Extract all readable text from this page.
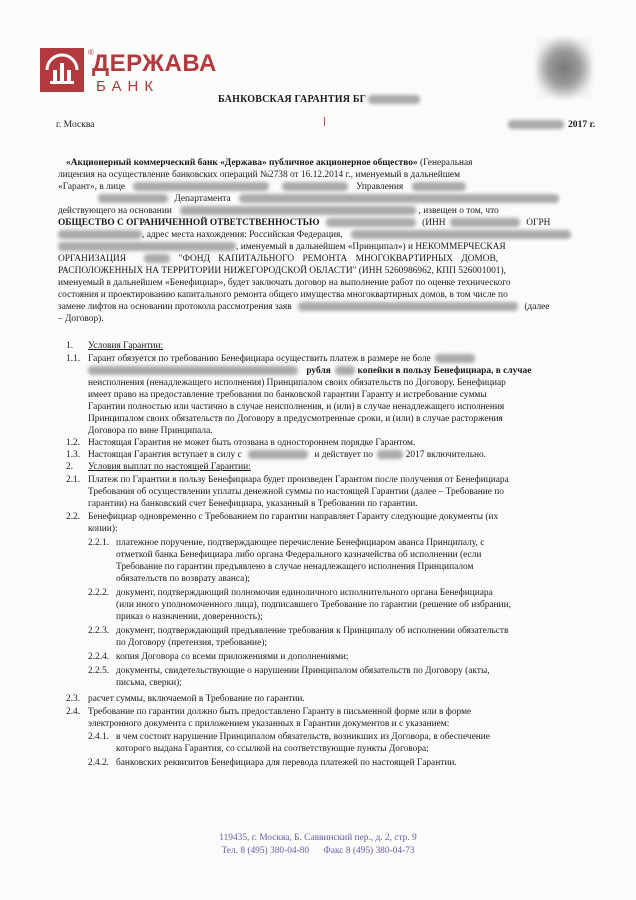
®
ДЕРЖАВА
БАНК
БАНКОВСКАЯ ГАРАНТИЯ БГ
г. Москва	2017 г.
«Акционерный коммерческий банк «Держава» публичное акционерное общество» (Генеральная
лицензия на осуществление банковских операций №2738 от 16.12.2014 г., именуемый в дальнейшем
«Гарант», в лице	Управления
Департамента
действующего на основании	, извещен о том, что
ОБЩЕСТВО С ОГРАНИЧЕННОЙ ОТВЕТСТВЕННОСТЬЮ	(ИНН	ОГРН
, адрес места нахождения: Российская Федерация,
, именуемый в дальнейшем «Принципал») и НЕКОММЕРЧЕСКАЯ
ОРГАНИЗАЦИЯ	"ФОНД КАПИТАЛЬНОГО РЕМОНТА МНОГОКВАРТИРНЫХ ДОМОВ,
РАСПОЛОЖЕННЫХ НА ТЕРРИТОРИИ НИЖЕГОРОДСКОЙ ОБЛАСТИ" (ИНН 5260986962, КПП 526001001),
именуемый в дальнейшем «Бенефициар», будет заключать договор на выполнение работ по оценке технического
состояния и проектированию капитального ремонта общего имущества многоквартирных домов, в том числе по
замене лифтов на основании протокола рассмотрения заяв	(далее
– Договор).
1. Условия Гарантии:
1.1. Гарант обязуется по требованию Бенефициара осуществить платеж в размере не боле
рубля	копейки в пользу Бенефициара, в случае
неисполнения (ненадлежащего исполнения) Принципалом своих обязательств по Договору. Бенефициар
имеет право на предоставление требования по банковской гарантии Гаранту и истребование суммы
Гарантии полностью или частично в случае неисполнения, и (или) в случае ненадлежащего исполнения
Принципалом своих обязательств по Договору в предусмотренные сроки, и (или) в случае расторжения
Договора по вине Принципала.
1.2. Настоящая Гарантия не может быть отозвана в одностороннем порядке Гарантом.
1.3. Настоящая Гарантия вступает в силу с	и действует по	2017 включительно.
2. Условия выплат по настоящей Гарантии:
2.1. Платеж по Гарантии в пользу Бенефициара будет произведен Гарантом после получения от Бенефициара
Требования об осуществлении уплаты денежной суммы по настоящей Гарантии (далее – Требование по
гарантии) на банковский счет Бенефициара, указанный в Требовании по гарантии.
2.2. Бенефициар одновременно с Требованием по гарантии направляет Гаранту следующие документы (их
копии):
2.2.1. платежное поручение, подтверждающее перечисление Бенефициаром аванса Принципалу, с
отметкой банка Бенефициара либо органа Федерального казначейства об исполнении (если
Требование по гарантии предъявлено в случае ненадлежащего исполнения Принципалом
обязательств по возврату аванса);
2.2.2. документ, подтверждающий полномочия единоличного исполнительного органа Бенефициара
(или иного уполномоченного лица), подписавшего Требование по гарантии (решение об избрании,
приказ о назначении, доверенность);
2.2.3. документ, подтверждающий предъявление требования к Принципалу об исполнении обязательств
по Договору (претензия, требование);
2.2.4. копия Договора со всеми приложениями и дополнениями;
2.2.5. документы, свидетельствующие о нарушении Принципалом обязательств по Договору (акты,
письма, сверки);
2.3. расчет суммы, включаемой в Требование по гарантии.
2.4. Требование по гарантии должно быть предоставлено Гаранту в письменной форме или в форме
электронного документа с приложением указанных в Гарантии документов и с указанием:
2.4.1. в чем состоит нарушение Принципалом обязательств, возникших из Договора, в обеспечение
которого выдана Гарантия, со ссылкой на соответствующие пункты Договора;
2.4.2. банковских реквизитов Бенефициара для перевода платежей по настоящей Гарантии.
119435, г. Москва, Б. Саввинский пер., д. 2, стр. 9
Тел. 8 (495) 380-04-80 Факс 8 (495) 380-04-73
